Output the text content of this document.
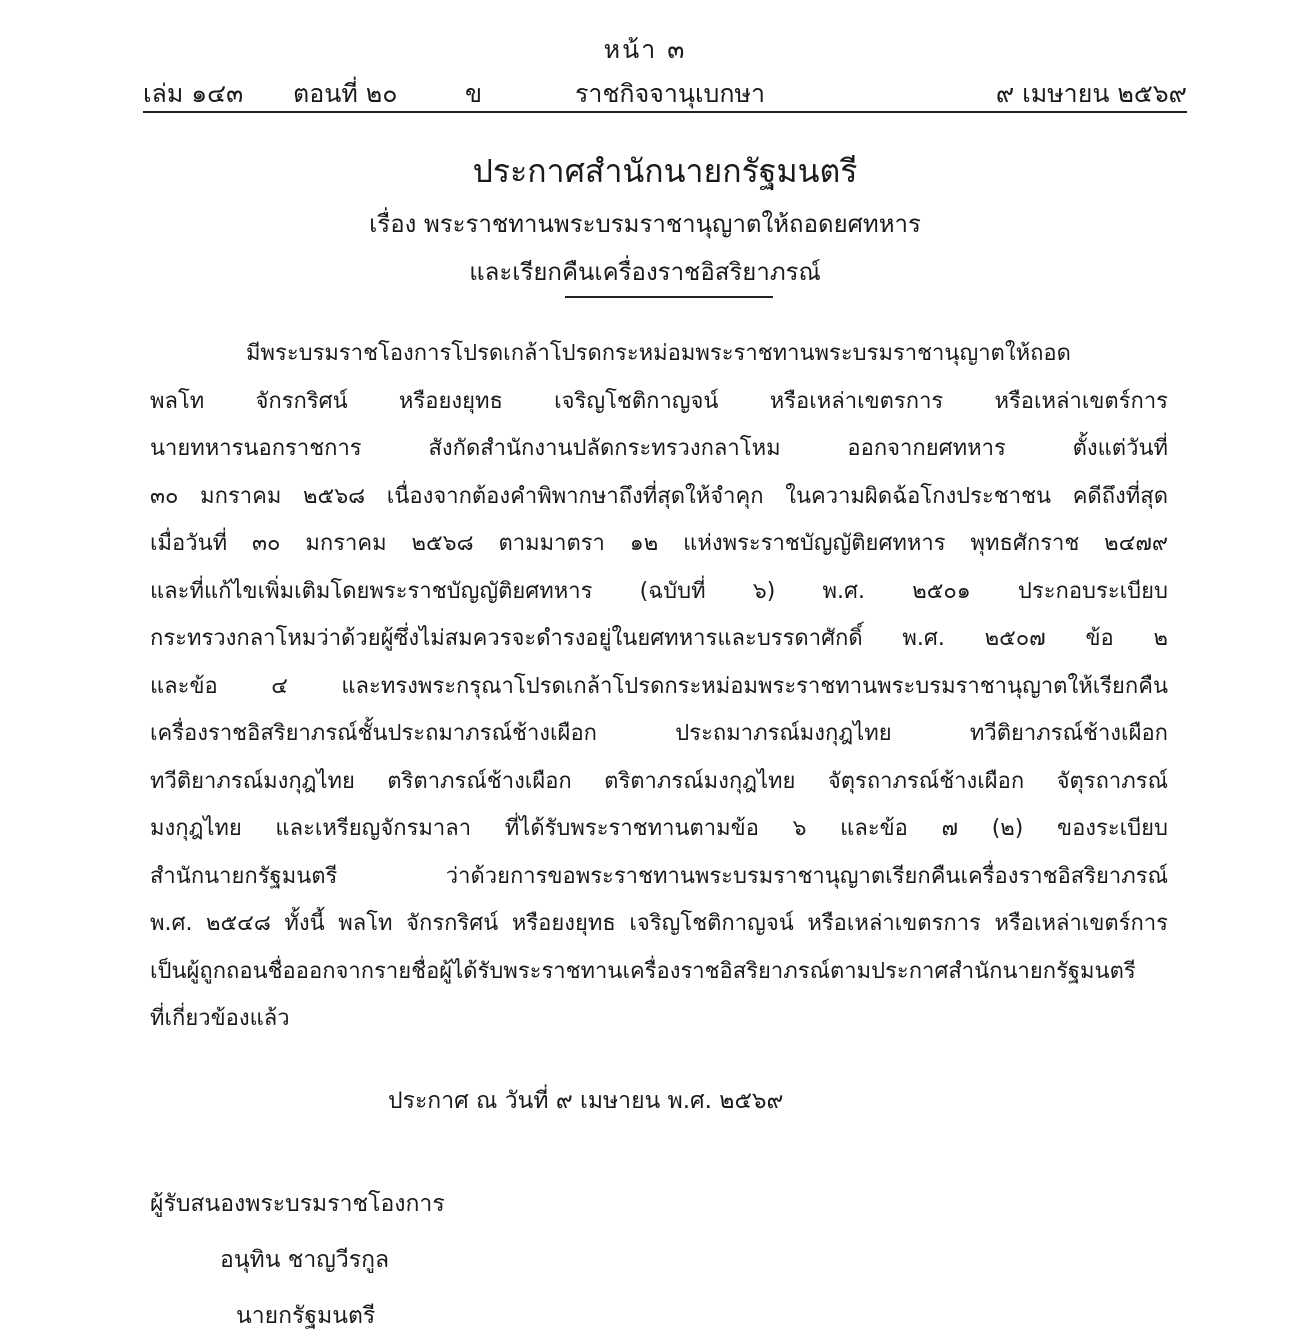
หน้า ๓
เล่ม ๑๔๓ ตอนที่ ๒๐	ข	ราชกิจจานุเบกษา	๙ เมษายน ๒๕๖๙
ประกาศสำนักนายกรัฐมนตรี
เรื่อง พระราชทานพระบรมราชานุญาตให้ถอดยศทหาร
และเรียกคืนเครื่องราชอิสริยาภรณ์
มีพระบรมราชโองการโปรดเกล้าโปรดกระหม่อมพระราชทานพระบรมราชานุญาตให้ถอด
พลโท จักรกริศน์ หรือยงยุทธ เจริญโชติกาญจน์ หรือเหล่าเขตรการ หรือเหล่าเขตร์การ
นายทหารนอกราชการ สังกัดสำนักงานปลัดกระทรวงกลาโหม ออกจากยศทหาร ตั้งแต่วันที่
๓๐ มกราคม ๒๕๖๘ เนื่องจากต้องคำพิพากษาถึงที่สุดให้จำคุก ในความผิดฉ้อโกงประชาชน คดีถึงที่สุด
เมื่อวันที่ ๓๐ มกราคม ๒๕๖๘ ตามมาตรา ๑๒ แห่งพระราชบัญญัติยศทหาร พุทธศักราช ๒๔๗๙
และที่แก้ไขเพิ่มเติมโดยพระราชบัญญัติยศทหาร (ฉบับที่ ๖) พ.ศ. ๒๕๐๑ ประกอบระเบียบ
กระทรวงกลาโหมว่าด้วยผู้ซึ่งไม่สมควรจะดำรงอยู่ในยศทหารและบรรดาศักดิ์ พ.ศ. ๒๕๐๗ ข้อ ๒
และข้อ ๔ และทรงพระกรุณาโปรดเกล้าโปรดกระหม่อมพระราชทานพระบรมราชานุญาตให้เรียกคืน
เครื่องราชอิสริยาภรณ์ชั้นประถมาภรณ์ช้างเผือก ประถมาภรณ์มงกุฎไทย ทวีติยาภรณ์ช้างเผือก
ทวีติยาภรณ์มงกุฎไทย ตริตาภรณ์ช้างเผือก ตริตาภรณ์มงกุฎไทย จัตุรถาภรณ์ช้างเผือก จัตุรถาภรณ์
มงกุฎไทย และเหรียญจักรมาลา ที่ได้รับพระราชทานตามข้อ ๖ และข้อ ๗ (๒) ของระเบียบ
สำนักนายกรัฐมนตรี ว่าด้วยการขอพระราชทานพระบรมราชานุญาตเรียกคืนเครื่องราชอิสริยาภรณ์
พ.ศ. ๒๕๔๘ ทั้งนี้ พลโท จักรกริศน์ หรือยงยุทธ เจริญโชติกาญจน์ หรือเหล่าเขตรการ หรือเหล่าเขตร์การ
เป็นผู้ถูกถอนชื่อออกจากรายชื่อผู้ได้รับพระราชทานเครื่องราชอิสริยาภรณ์ตามประกาศสำนักนายกรัฐมนตรี
ที่เกี่ยวข้องแล้ว
ประกาศ ณ วันที่ ๙ เมษายน พ.ศ. ๒๕๖๙
ผู้รับสนองพระบรมราชโองการ
อนุทิน ชาญวีรกูล
นายกรัฐมนตรี
